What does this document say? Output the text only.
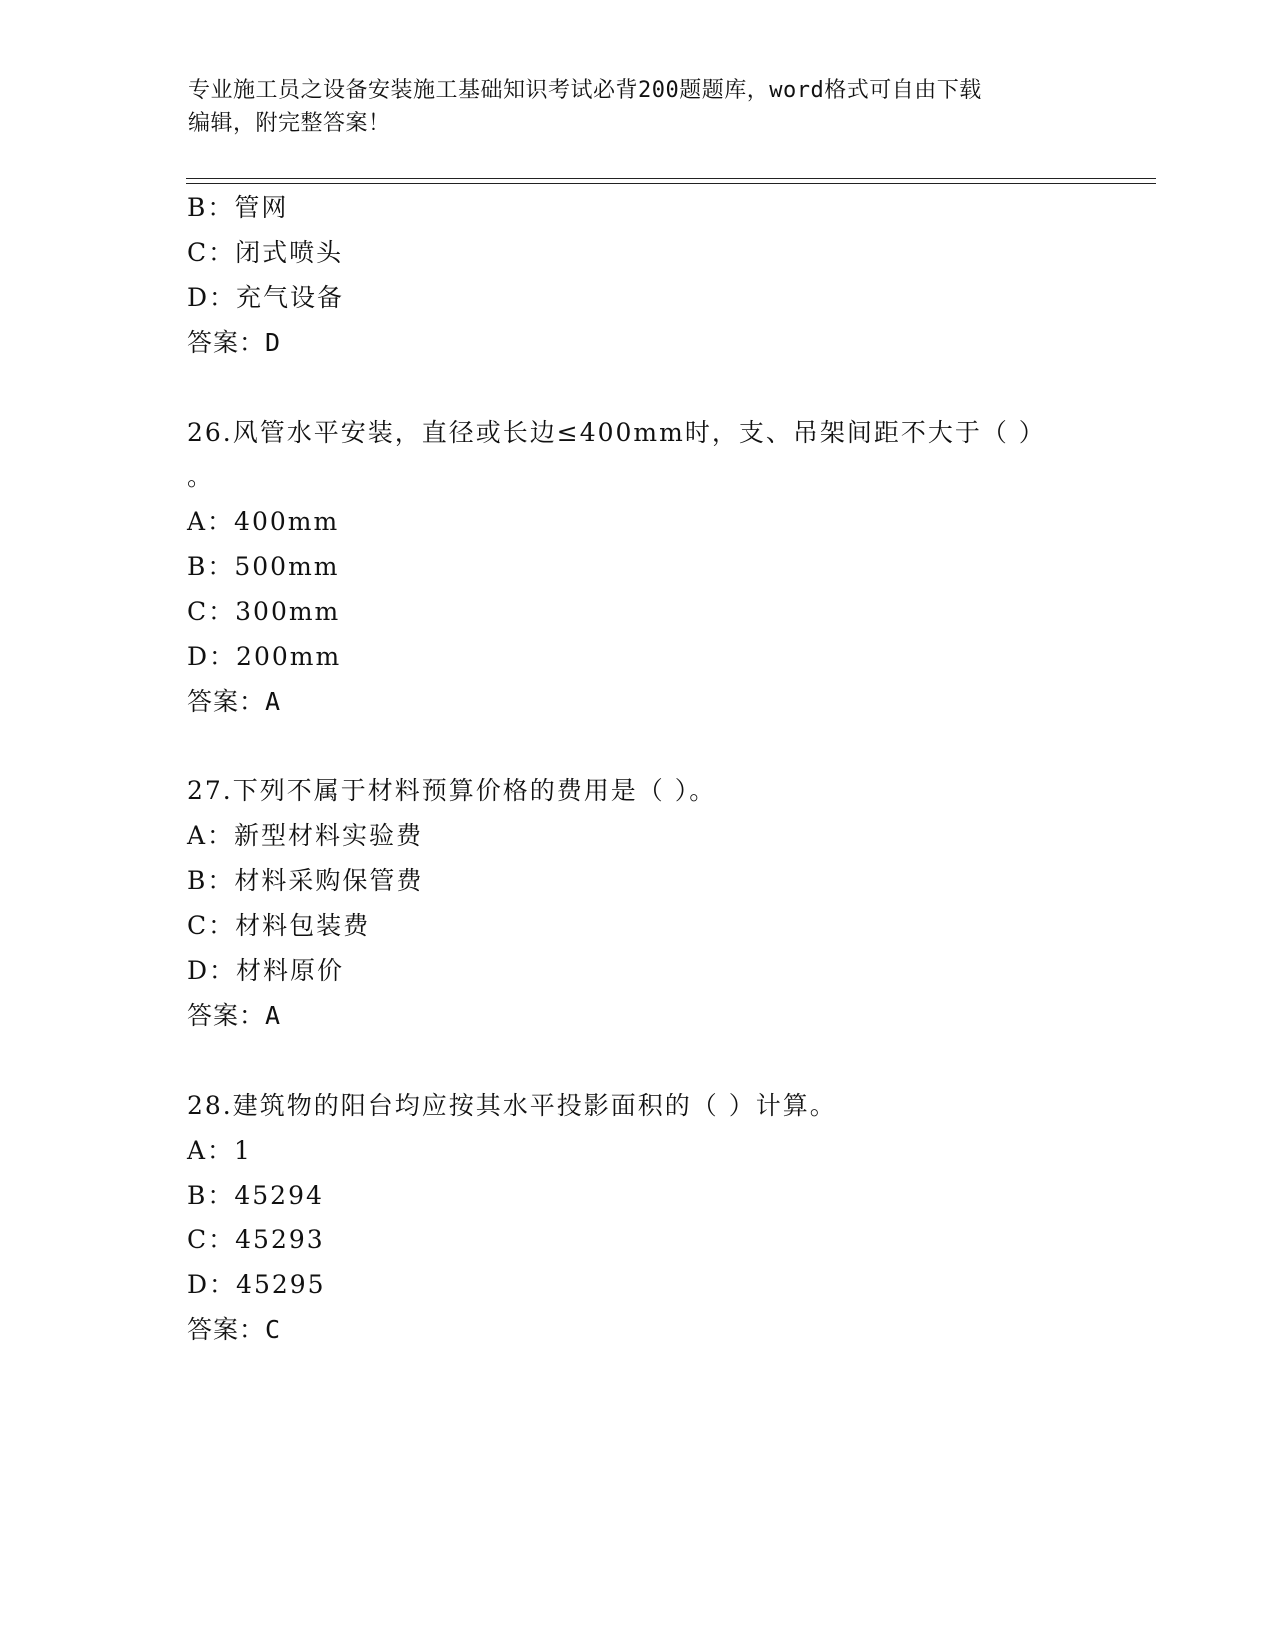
专业施工员之设备安装施工基础知识考试必背200题题库，word格式可自由下载
编辑，附完整答案！
B：管网
C：闭式喷头
D：充气设备
答案：D
26.风管水平安装，直径或长边≤400mm时，支、吊架间距不大于（ ）
。
A：400mm
B：500mm
C：300mm
D：200mm
答案：A
27.下列不属于材料预算价格的费用是（ ）。
A：新型材料实验费
B：材料采购保管费
C：材料包装费
D：材料原价
答案：A
28.建筑物的阳台均应按其水平投影面积的（ ）计算。
A：1
B：45294
C：45293
D：45295
答案：C
